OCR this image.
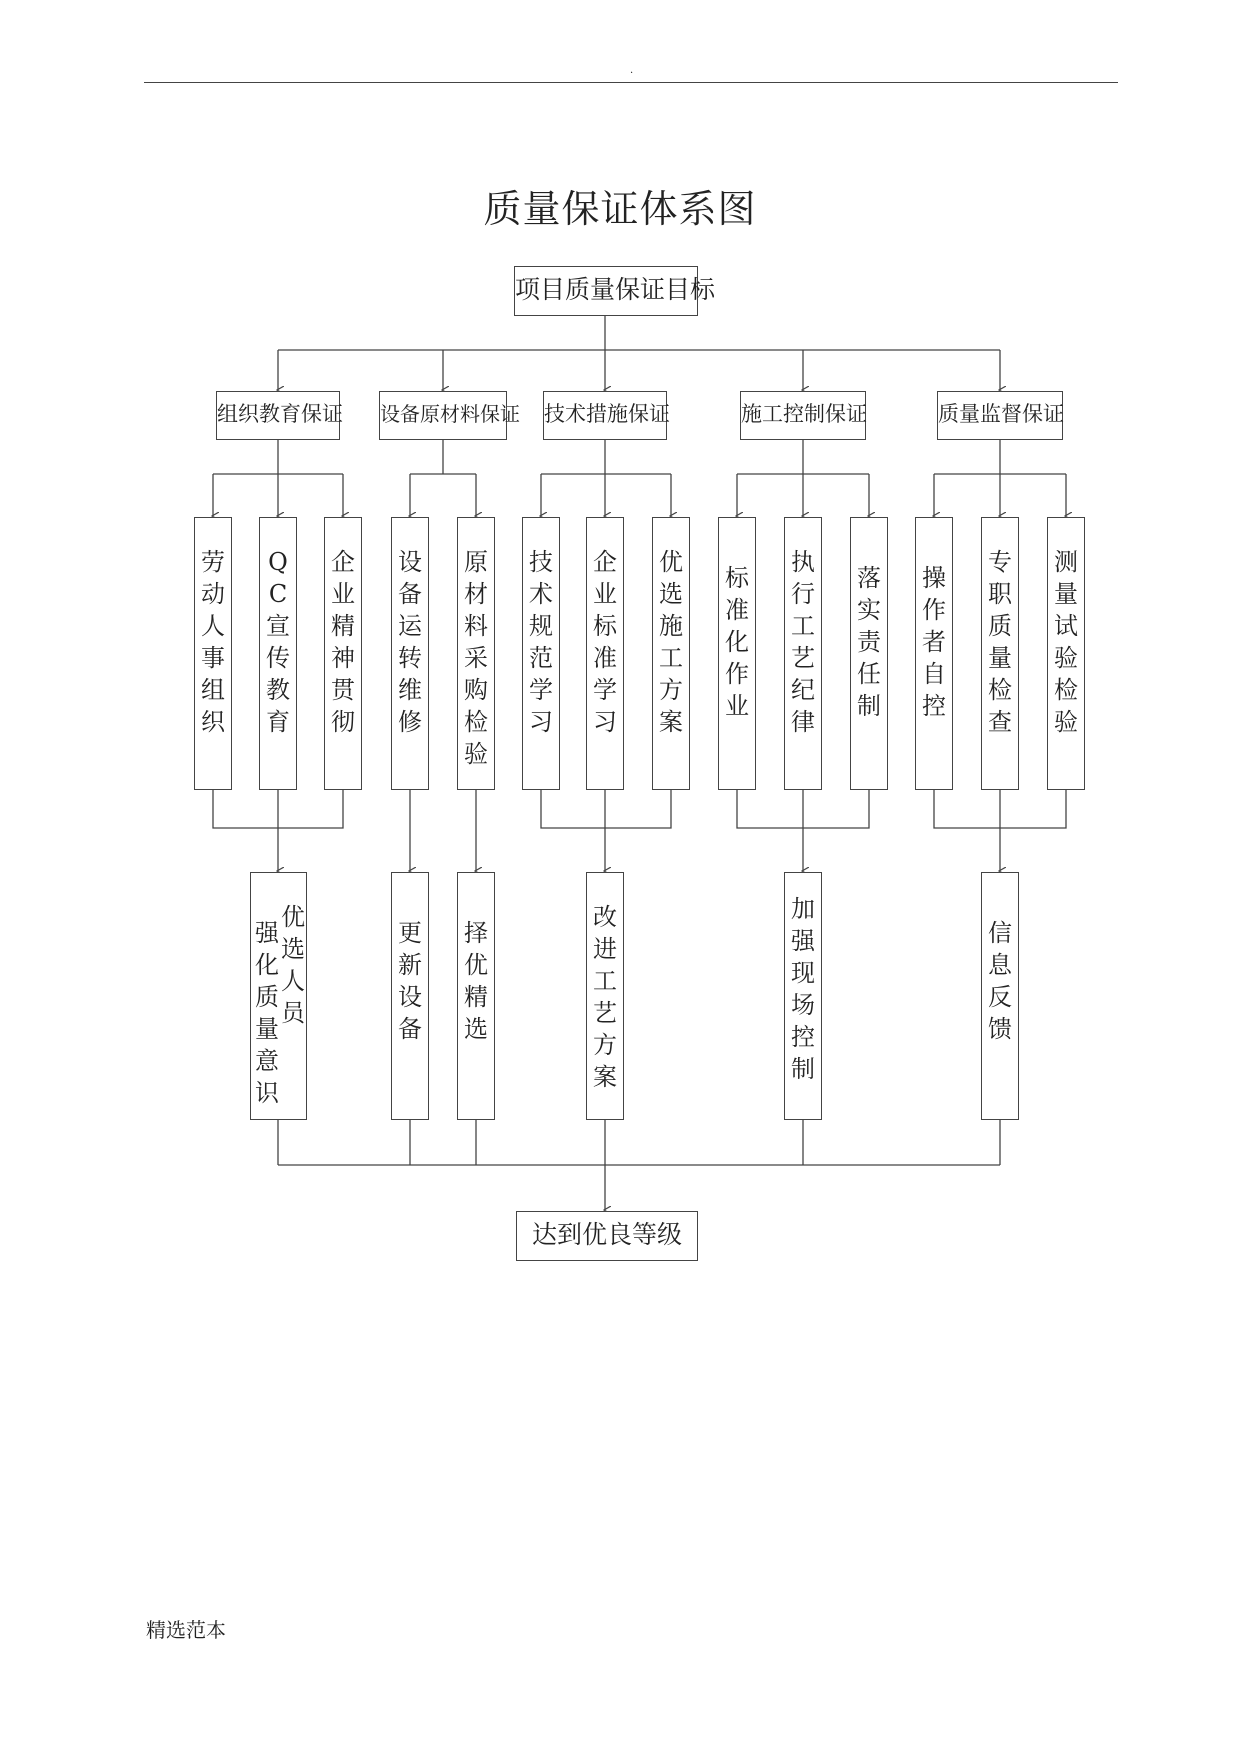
.
质量保证体系图
项目质量保证目标
组织教育保证 设备原材料保证 技术措施保证	施工控制保证	质量监督保证
劳动人事组织
QC宣传教育
企业精神贯彻
设备运转维修
原材料采购检验
技术规范学习
企业标准学习
优选施工方案
标准化作业
执行工艺纪律
落实责任制
操作者自控
专职质量检查
测量试验检验
优选人员
强化质量意识
更新设备
择优精选
改进工艺方案
加强现场控制
信息反馈
达到优良等级
精选范本
